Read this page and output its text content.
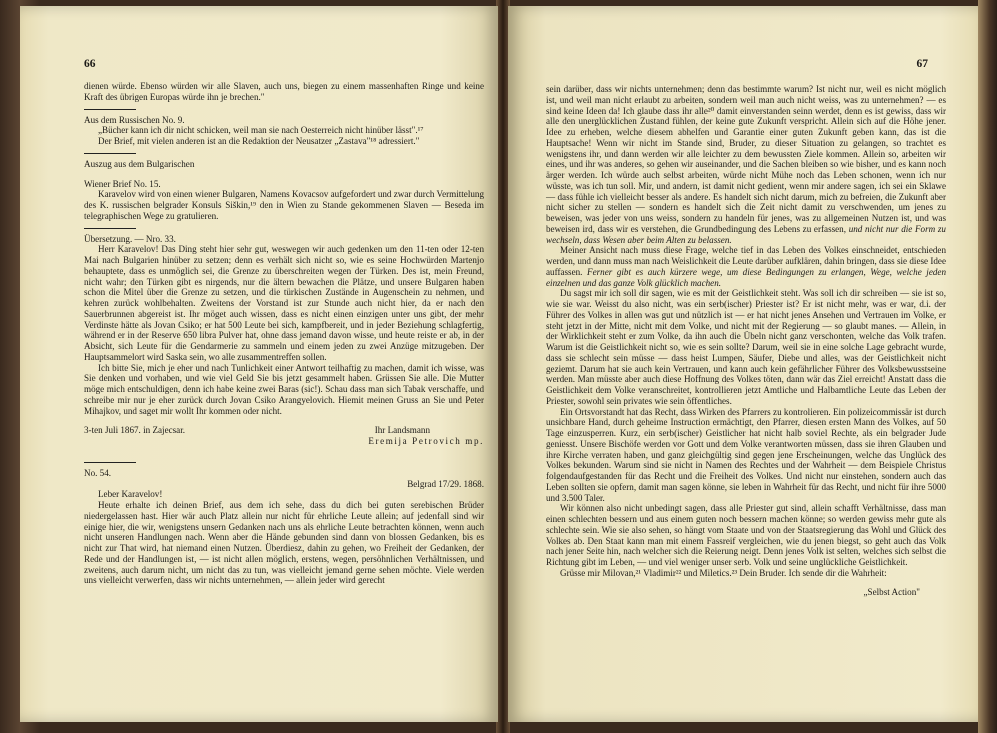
66

dienen würde. Ebenso würden wir alle Slaven, auch uns, biegen zu einem massenhaften Ringe und keine Kraft des übrigen Europas würde ihn je brechen."

Aus dem Russischen No. 9.

„Bücher kann ich dir nicht schicken, weil man sie nach Oesterreich nicht hinüber lässt".¹⁷

Der Brief, mit vielen anderen ist an die Redaktion der Neusatzer „Zastava"¹⁸ adressiert."

Auszug aus dem Bulgarischen

Wiener Brief No. 15.

Karavelov wird von einen wiener Bulgaren, Namens Kovacsov aufgefordert und zwar durch Vermittelung des K. russischen belgrader Konsuls Siškin,¹⁹ den in Wien zu Stande gekommenen Slaven — Beseda im telegraphischen Wege zu gratulieren.

Übersetzung. — Nro. 33.

Herr Karavelov! Das Ding steht hier sehr gut, weswegen wir auch gedenken um den 11-ten oder 12-ten Mai nach Bulgarien hinüber zu setzen; denn es verhält sich nicht so, wie es seine Hochwürden Martenjo behauptete, dass es unmöglich sei, die Grenze zu überschreiten wegen der Türken. Des ist, mein Freund, nicht wahr; den Türken gibt es nirgends, nur die ältern bewachen die Plätze, und unsere Bulgaren haben schon die Mitel über die Grenze zu setzen, und die türkischen Zustände in Augenschein zu nehmen, und kehren zurück wohlbehalten. Zweitens der Vorstand ist zur Stunde auch nicht hier, da er nach den Sauerbrunnen abgereist ist. Ihr möget auch wissen, dass es nicht einen einzigen unter uns gibt, der mehr Verdinste hätte als Jovan Csiko; er hat 500 Leute bei sich, kampfbereit, und in jeder Beziehung schlagfertig, während er in der Reserve 650 libra Pulver hat, ohne dass jemand davon wisse, und heute reiste er ab, in der Absicht, sich Leute für die Gendarmerie zu sammeln und einem jeden zu zwei Anzüge mitzugeben. Der Hauptsammelort wird Saska sein, wo alle zusammentreffen sollen.

Ich bitte Sie, mich je eher und nach Tunlichkeit einer Antwort teilhaftig zu machen, damit ich wisse, was Sie denken und vorhaben, und wie viel Geld Sie bis jetzt gesammelt haben. Grüssen Sie alle. Die Mutter möge mich entschuldigen, denn ich habe keine zwei Baras (sic!). Schau dass man sich Tabak verschaffe, und schreibe mir nur je eher zurück durch Jovan Csiko Arangyelovich. Hiemit meinen Gruss an Sie und Peter Mihajkov, und saget mir wollt Ihr kommen oder nicht.

3-ten Juli 1867. in Zajecsar.	Ihr Landsmann

Eremija Petrovich mp.

No. 54.

Belgrad 17/29. 1868.

Leber Karavelov!

Heute erhalte ich deinen Brief, aus dem ich sehe, dass du dich bei guten serebischen Brüder niedergelassen hast. Hier wär auch Platz allein nur nicht für ehrliche Leute allein; auf jedenfall sind wir einige hier, die wir, wenigstens unsern Gedanken nach uns als ehrliche Leute betrachten können, wenn auch nicht unseren Handlungen nach. Wenn aber die Hände gebunden sind dann von blossen Gedanken, bis es nicht zur That wird, hat niemand einen Nutzen. Überdiesz, dahin zu gehen, wo Freiheit der Gedanken, der Rede und der Handlungen ist, — ist nicht allen möglich, erstens, wegen, persöhnlichen Verhältnissen, und zweitens, auch darum nicht, um nicht das zu tun, was vielleicht jemand gerne sehen möchte. Viele werden uns vielleicht verwerfen, dass wir nichts unternehmen, — allein jeder wird gerecht

67

sein darüber, dass wir nichts unternehmen; denn das bestimmte warum? Ist nicht nur, weil es nicht möglich ist, und weil man nicht erlaubt zu arbeiten, sondern weil man auch nicht weiss, was zu unternehmen? — es sind keine Ideen da! Ich glaube dass ihr alle²⁰ damit einverstanden seinn werdet, denn es ist gewiss, dass wir alle den unerglücklichen Zustand fühlen, der keine gute Zukunft verspricht. Allein sich auf die Höhe jener. Idee zu erheben, welche diesem abhelfen und Garantie einer guten Zukunft geben kann, das ist die Hauptsache! Wenn wir nicht im Stande sind, Bruder, zu dieser Situation zu gelangen, so trachtet es wenigstens ihr, und dann werden wir alle leichter zu dem bewussten Ziele kommen. Allein so, arbeiten wir eines, und ihr was anderes, so gehen wir auseinander, und die Sachen bleiben so wie bisher, und es kann noch ärger werden. Ich würde auch selbst arbeiten, würde nicht Mühe noch das Leben schonen, wenn ich nur wüsste, was ich tun soll. Mir, und andern, ist damit nicht gedient, wenn mir andere sagen, ich sei ein Sklawe — dass fühle ich vielleicht besser als andere. Es handelt sich nicht darum, mich zu befreien, die Zukunft aber nicht sicher zu stellen — sondern es handelt sich die Zeit nicht damit zu verschwenden, um jenes zu beweisen, was jeder von uns weiss, sondern zu handeln für jenes, was zu allgemeinen Nutzen ist, und was beweisen ird, dass wir es verstehen, die Grundbedingung des Lebens zu erfassen, und nicht nur die Form zu wechseln, dass Wesen aber beim Alten zu belassen.

Meiner Ansicht nach muss diese Frage, welche tief in das Leben des Volkes einschneidet, entschieden werden, und dann muss man nach Weislichkeit die Leute darüber aufklären, dahin bringen, dass sie diese Idee auffassen. Ferner gibt es auch kürzere wege, um diese Bedingungen zu erlangen, Wege, welche jeden einzelnen und das ganze Volk glücklich machen.

Du sagst mir ich soll dir sagen, wie es mit der Geistlichkeit steht. Was soll ich dir schreiben — sie ist so, wie sie war. Weisst du also nicht, was ein serb(ischer) Priester ist? Er ist nicht mehr, was er war, d.i. der Führer des Volkes in allen was gut und nützlich ist — er hat nicht jenes Ansehen und Vertrauen im Volke, er steht jetzt in der Mitte, nicht mit dem Volke, und nicht mit der Regierung — so glaubt manes. — Allein, in der Wirklichkeit steht er zum Volke, da ihn auch die Übeln nicht ganz verschonten, welche das Volk trafen. Warum ist die Geistlichkeit nicht so, wie es sein sollte? Darum, weil sie in eine solche Lage gebracht wurde, dass sie schlecht sein müsse — dass heist Lumpen, Säufer, Diebe und alles, was der Geistlichkeit nicht geziemt. Darum hat sie auch kein Vertrauen, und kann auch kein gefährlicher Führer des Volksbewusstseine werden. Man müsste aber auch diese Hoffnung des Volkes töten, dann wär das Ziel erreicht! Anstatt dass die Geistlichkeit dem Volke veranschreitet, kontrollieren jetzt Amtliche und Halbamtliche Leute das Leben der Priester, sowohl sein privates wie sein öffentliches.

Ein Ortsvorstandt hat das Recht, dass Wirken des Pfarrers zu kontrolieren. Ein polizeicommissär ist durch unsichbare Hand, durch geheime Instruction ermächtigt, den Pfarrer, diesen ersten Mann des Volkes, auf 50 Tage einzusperren. Kurz, ein serb(ischer) Geistlicher hat nicht halb soviel Rechte, als ein belgrader Jude geniesst. Unsere Bischöfe werden vor Gott und dem Volke verantworten müssen, dass sie ihren Glauben und ihre Kirche verraten haben, und ganz gleichgültig sind gegen jene Erscheinungen, welche das Unglück des Volkes bekunden. Warum sind sie nicht in Namen des Rechtes und der Wahrheit — dem Beispiele Christus folgendaufgestanden für das Recht und die Freiheit des Volkes. Und nicht nur einstehen, sondern auch das Leben sollten sie opfern, damit man sagen könne, sie leben in Wahrheit für das Recht, und nicht für ihre 5000 und 3.500 Taler.

Wir können also nicht unbedingt sagen, dass alle Priester gut sind, allein schafft Verhältnisse, dass man einen schlechten bessern und aus einem guten noch bessern machen könne; so werden gewiss mehr gute als schlechte sein. Wie sie also sehen, so hängt vom Staate und von der Staatsregierung das Wohl und Glück des Volkes ab. Den Staat kann man mit einem Fassreif vergleichen, wie du jenen biegst, so geht auch das Volk nach jener Seite hin, nach welcher sich die Reierung neigt. Denn jenes Volk ist selten, welches sich selbst die Richtung gibt im Leben, — und viel weniger unser serb. Volk und seine unglückliche Geistlichkeit.

Grüsse mir Milovan,²¹ Vladimir²² und Miletics.²³ Dein Bruder. Ich sende dir die Wahrheit:

„Selbst Action"
